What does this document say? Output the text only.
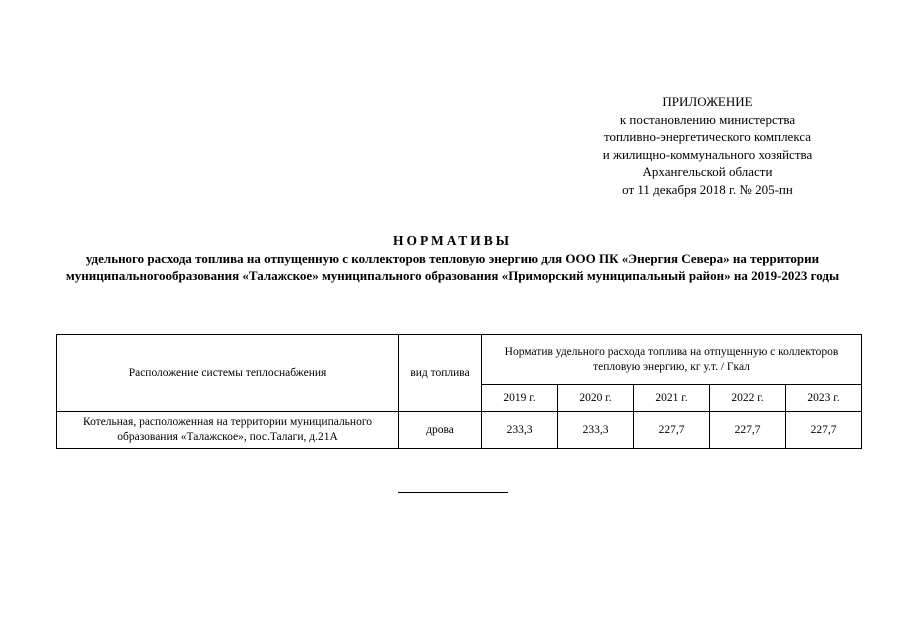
ПРИЛОЖЕНИЕ
к постановлению министерства
топливно-энергетического комплекса
и жилищно-коммунального хозяйства
Архангельской области
от 11 декабря 2018 г. № 205-пн
НОРМАТИВЫ
удельного расхода топлива на отпущенную с коллекторов тепловую энергию для ООО ПК «Энергия Севера» на территории муниципальногообразования «Талажское» муниципального образования «Приморский муниципальный район» на 2019-2023 годы
Расположение системы теплоснабжения	вид топлива	Норматив удельного расхода топлива на отпущенную с коллекторов тепловую энергию, кг у.т. / Гкал				
		2019 г.	2020 г.	2021 г.	2022 г.	2023 г.
Котельная, расположенная на территории муниципального образования «Талажское», пос.Талаги, д.21А	дрова	233,3	233,3	227,7	227,7	227,7
